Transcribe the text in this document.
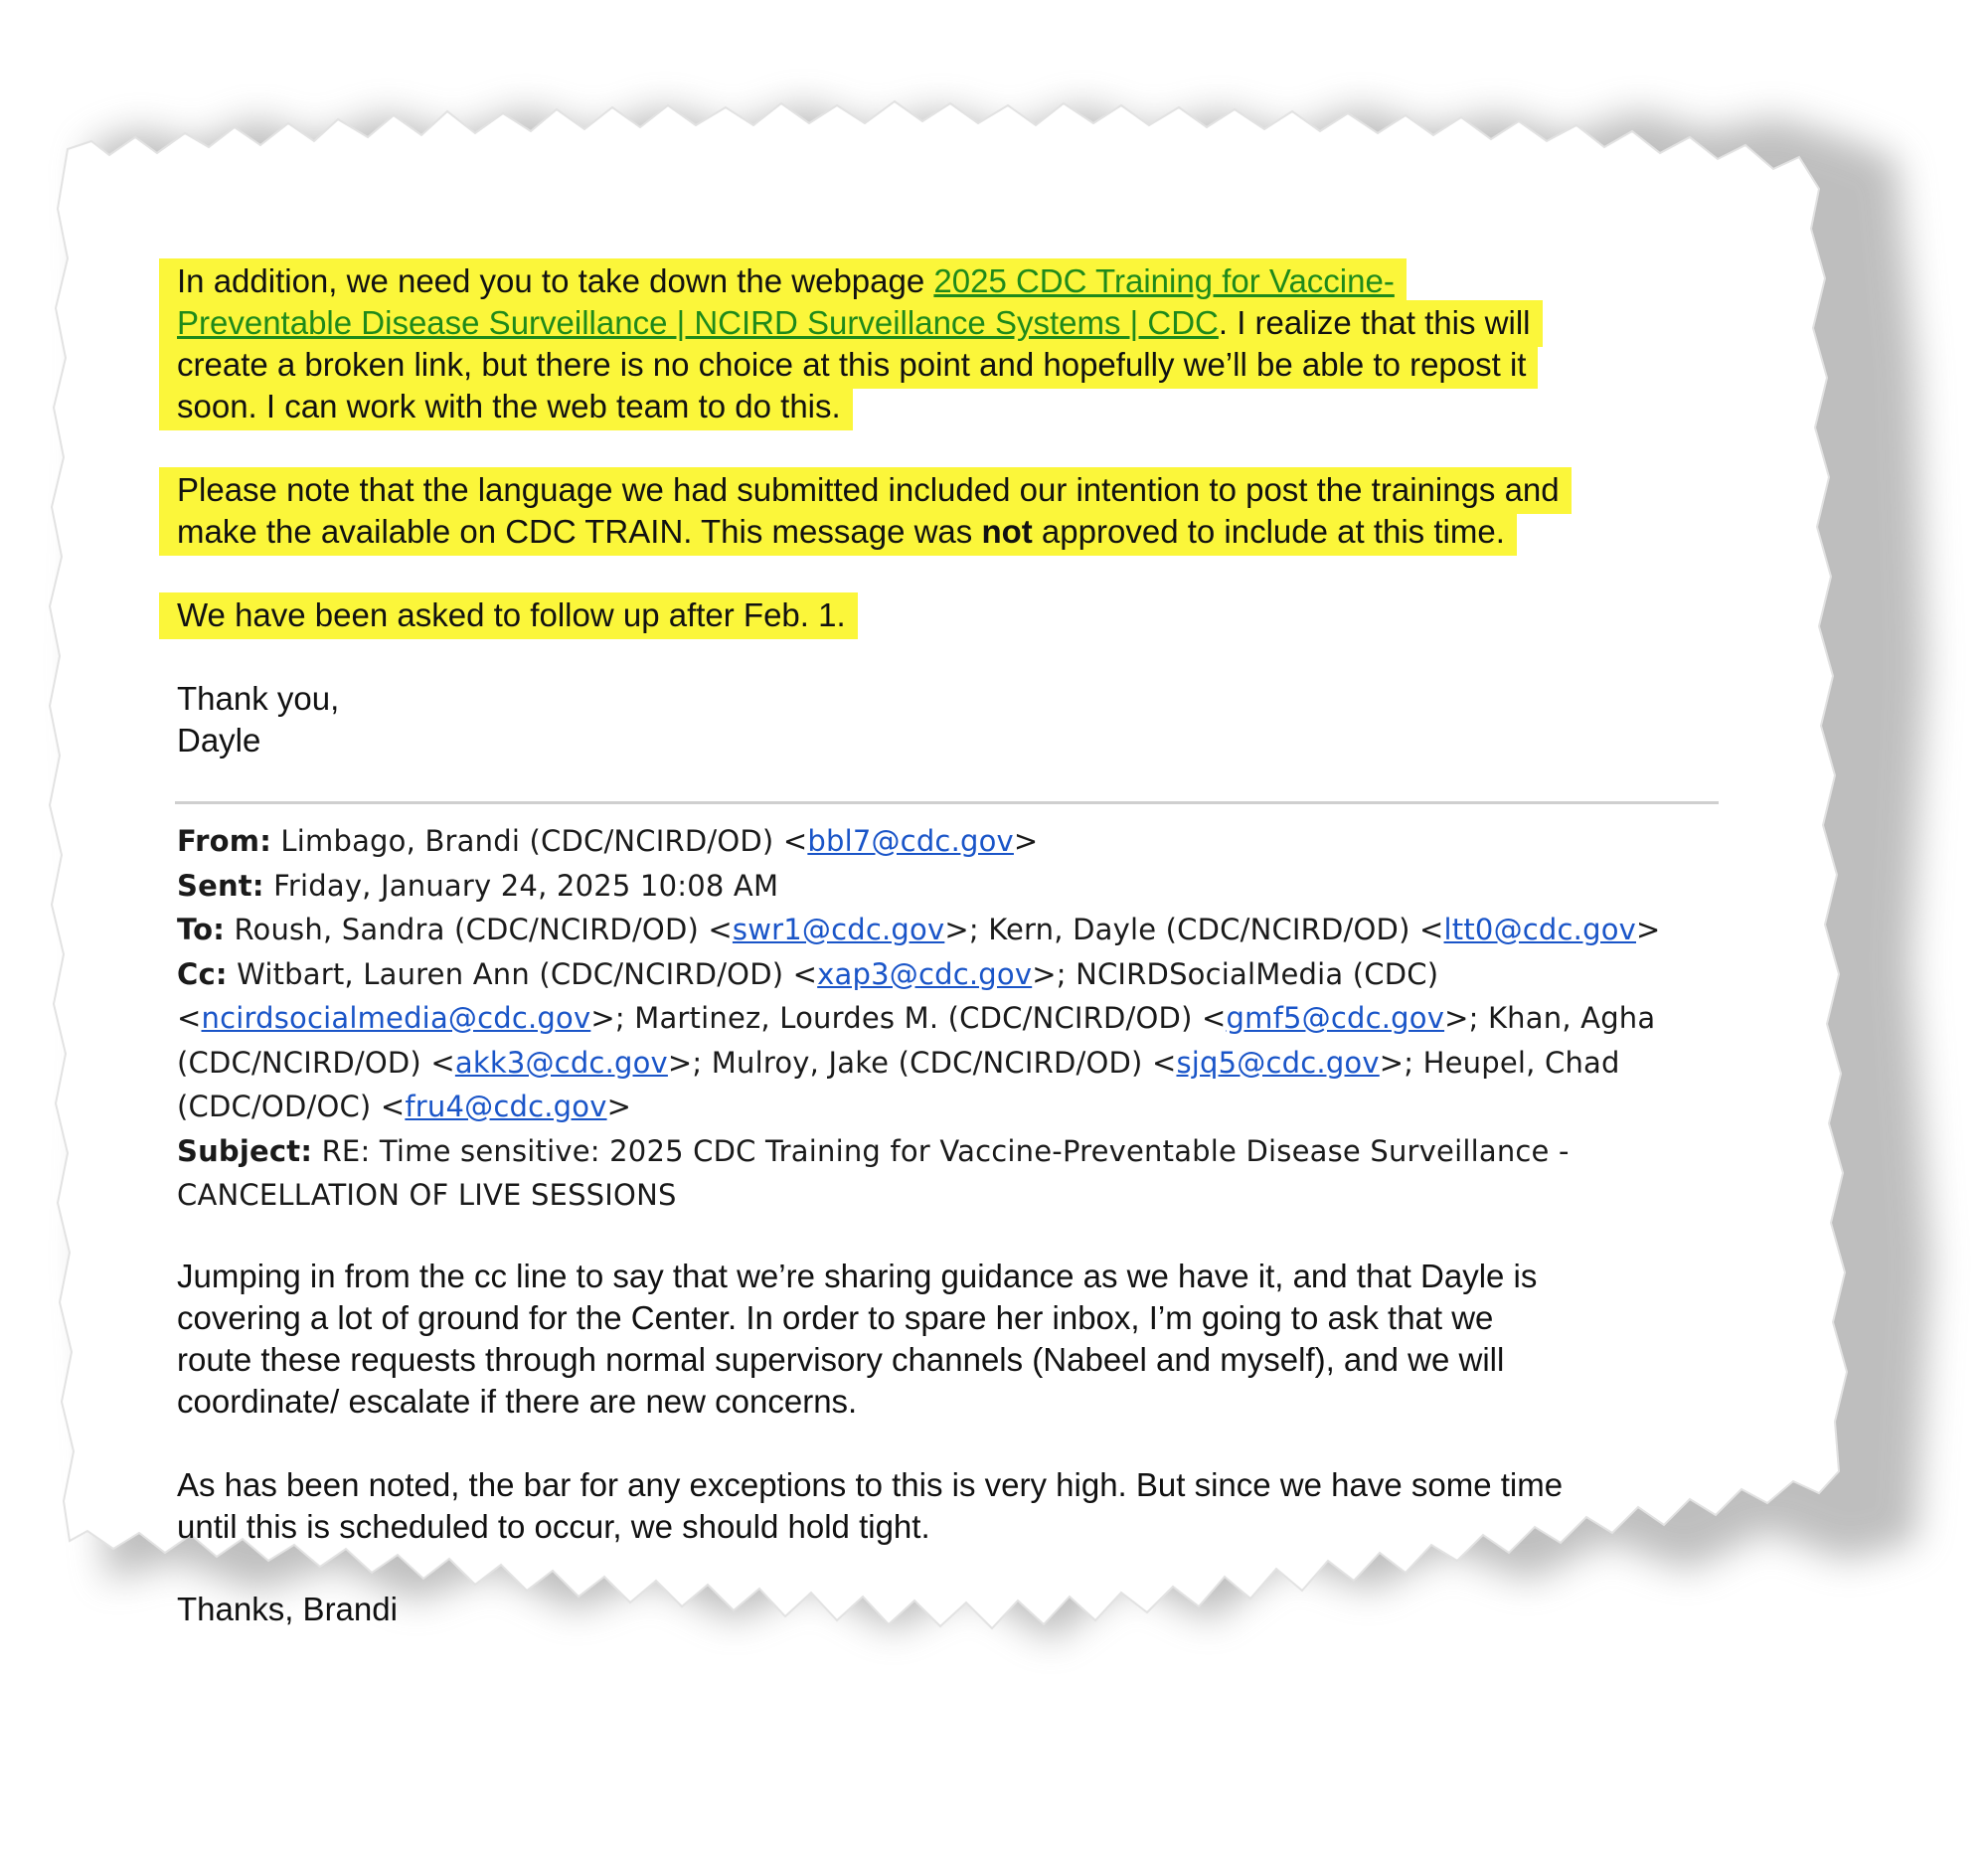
In addition, we need you to take down the webpage 2025 CDC Training for Vaccine-
Preventable Disease Surveillance | NCIRD Surveillance Systems | CDC. I realize that this will
create a broken link, but there is no choice at this point and hopefully we’ll be able to repost it
soon. I can work with the web team to do this.

Please note that the language we had submitted included our intention to post the trainings and
make the available on CDC TRAIN. This message was not approved to include at this time.

We have been asked to follow up after Feb. 1.

Thank you,
Dayle

From: Limbago, Brandi (CDC/NCIRD/OD) <bbl7@cdc.gov>
Sent: Friday, January 24, 2025 10:08 AM
To: Roush, Sandra (CDC/NCIRD/OD) <swr1@cdc.gov>; Kern, Dayle (CDC/NCIRD/OD) <ltt0@cdc.gov>
Cc: Witbart, Lauren Ann (CDC/NCIRD/OD) <xap3@cdc.gov>; NCIRDSocialMedia (CDC)
<ncirdsocialmedia@cdc.gov>; Martinez, Lourdes M. (CDC/NCIRD/OD) <gmf5@cdc.gov>; Khan, Agha
(CDC/NCIRD/OD) <akk3@cdc.gov>; Mulroy, Jake (CDC/NCIRD/OD) <sjq5@cdc.gov>; Heupel, Chad
(CDC/OD/OC) <fru4@cdc.gov>
Subject: RE: Time sensitive: 2025 CDC Training for Vaccine-Preventable Disease Surveillance -
CANCELLATION OF LIVE SESSIONS

Jumping in from the cc line to say that we’re sharing guidance as we have it, and that Dayle is
covering a lot of ground for the Center. In order to spare her inbox, I’m going to ask that we
route these requests through normal supervisory channels (Nabeel and myself), and we will
coordinate/ escalate if there are new concerns.

As has been noted, the bar for any exceptions to this is very high. But since we have some time
until this is scheduled to occur, we should hold tight.

Thanks, Brandi
